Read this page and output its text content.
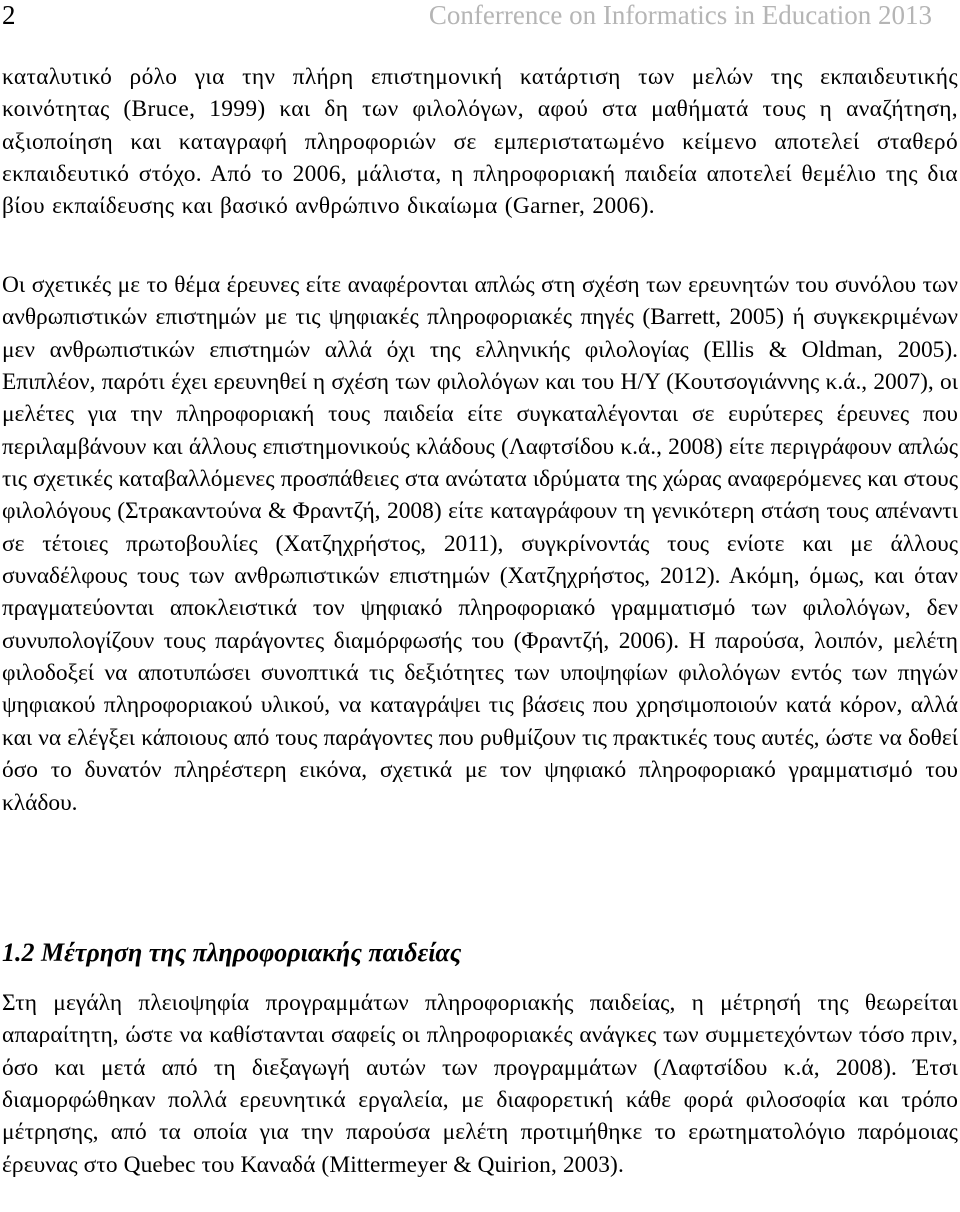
2	Conferrence on Informatics in Education 2013

καταλυτικό ρόλο για την πλήρη επιστημονική κατάρτιση των μελών της εκπαιδευτικής κοινότητας (Bruce, 1999) και δη των φιλολόγων, αφού στα μαθήματά τους η αναζήτηση, αξιοποίηση και καταγραφή πληροφοριών σε εμπεριστατωμένο κείμενο αποτελεί σταθερό εκπαιδευτικό στόχο. Από το 2006, μάλιστα, η πληροφοριακή παιδεία αποτελεί θεμέλιο της δια βίου εκπαίδευσης και βασικό ανθρώπινο δικαίωμα (Garner, 2006).

Οι σχετικές με το θέμα έρευνες είτε αναφέρονται απλώς στη σχέση των ερευνητών του συνόλου των ανθρωπιστικών επιστημών με τις ψηφιακές πληροφοριακές πηγές (Barrett, 2005) ή συγκεκριμένων μεν ανθρωπιστικών επιστημών αλλά όχι της ελληνικής φιλολογίας (Ellis & Oldman, 2005). Επιπλέον, παρότι έχει ερευνηθεί η σχέση των φιλολόγων και του Η/Υ (Κουτσογιάννης κ.ά., 2007), οι μελέτες για την πληροφοριακή τους παιδεία είτε συγκαταλέγονται σε ευρύτερες έρευνες που περιλαμβάνουν και άλλους επιστημονικούς κλάδους (Λαφτσίδου κ.ά., 2008) είτε περιγράφουν απλώς τις σχετικές καταβαλλόμενες προσπάθειες στα ανώτατα ιδρύματα της χώρας αναφερόμενες και στους φιλολόγους (Στρακαντούνα & Φραντζή, 2008) είτε καταγράφουν τη γενικότερη στάση τους απέναντι σε τέτοιες πρωτοβουλίες (Χατζηχρήστος, 2011), συγκρίνοντάς τους ενίοτε και με άλλους συναδέλφους τους των ανθρωπιστικών επιστημών (Χατζηχρήστος, 2012). Ακόμη, όμως, και όταν πραγματεύονται αποκλειστικά τον ψηφιακό πληροφοριακό γραμματισμό των φιλολόγων, δεν συνυπολογίζουν τους παράγοντες διαμόρφωσής του (Φραντζή, 2006). Η παρούσα, λοιπόν, μελέτη φιλοδοξεί να αποτυπώσει συνοπτικά τις δεξιότητες των υποψηφίων φιλολόγων εντός των πηγών ψηφιακού πληροφοριακού υλικού, να καταγράψει τις βάσεις που χρησιμοποιούν κατά κόρον, αλλά και να ελέγξει κάποιους από τους παράγοντες που ρυθμίζουν τις πρακτικές τους αυτές, ώστε να δοθεί όσο το δυνατόν πληρέστερη εικόνα, σχετικά με τον ψηφιακό πληροφοριακό γραμματισμό του κλάδου.

1.2 Μέτρηση της πληροφοριακής παιδείας

Στη μεγάλη πλειοψηφία προγραμμάτων πληροφοριακής παιδείας, η μέτρησή της θεωρείται απαραίτητη, ώστε να καθίστανται σαφείς οι πληροφοριακές ανάγκες των συμμετεχόντων τόσο πριν, όσο και μετά από τη διεξαγωγή αυτών των προγραμμάτων (Λαφτσίδου κ.ά, 2008). Έτσι διαμορφώθηκαν πολλά ερευνητικά εργαλεία, με διαφορετική κάθε φορά φιλοσοφία και τρόπο μέτρησης, από τα οποία για την παρούσα μελέτη προτιμήθηκε το ερωτηματολόγιο παρόμοιας έρευνας στο Quebec του Καναδά (Mittermeyer & Quirion, 2003).
